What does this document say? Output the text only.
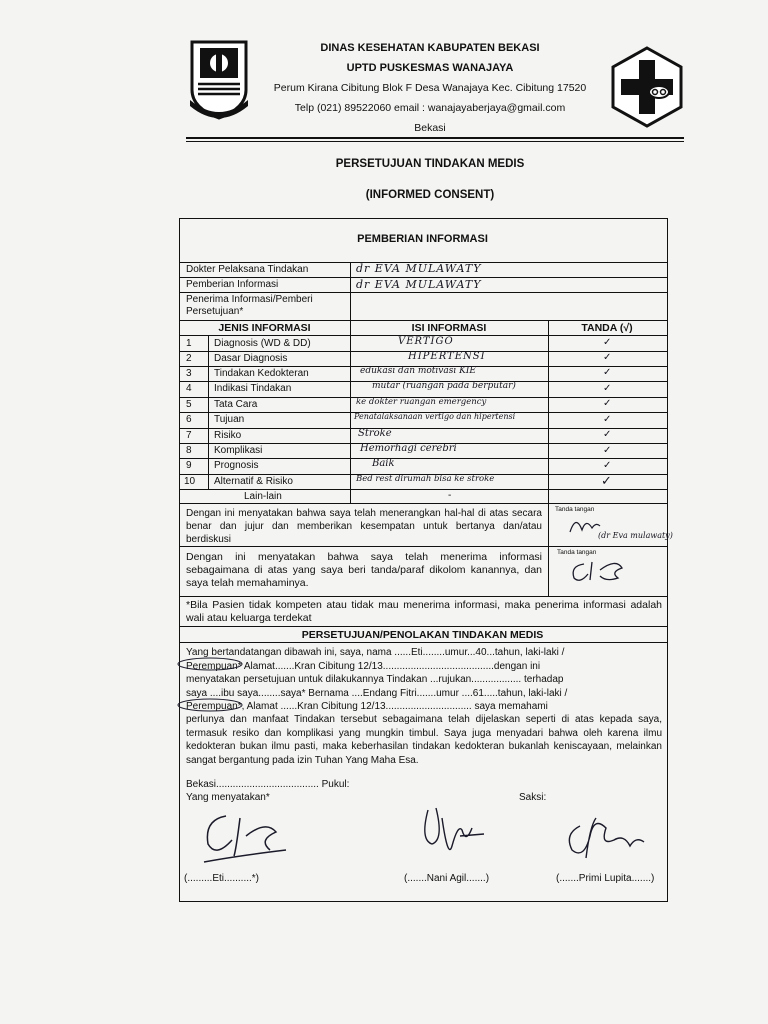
DINAS KESEHATAN KABUPATEN BEKASI
UPTD PUSKESMAS WANAJAYA
Perum Kirana Cibitung Blok F Desa Wanajaya Kec. Cibitung 17520
Telp (021) 89522060 email : wanajayaberjaya@gmail.com
Bekasi
PERSETUJUAN TINDAKAN MEDIS
(INFORMED CONSENT)
PEMBERIAN INFORMASI
Dokter Pelaksana Tindakan	dr EVA MULAWATY
Pemberian Informasi	dr EVA MULAWATY
Penerima Informasi/Pemberi
Persetujuan*
JENIS INFORMASI	ISI INFORMASI	TANDA (√)
1 Diagnosis (WD & DD)	VERTIGO	✓
2 Dasar Diagnosis	HIPERTENSI	✓
3 Tindakan Kedokteran	edukasi dan motivasi KIE	✓
4 Indikasi Tindakan	mutar (ruangan pada berputar)	✓
5 Tata Cara	ke dokter ruangan emergency	✓
6 Tujuan	Penatalaksanaan vertigo dan hipertensi	✓
7 Risiko	Stroke	✓
8 Komplikasi	Hemorhagi cerebri	✓
9 Prognosis	Baik	✓
10 Alternatif & Risiko	Bed rest dirumah bisa ke stroke	✓
Lain-lain	-
Dengan ini menyatakan bahwa saya telah menerangkan hal-hal di atas secara benar dan jujur dan memberikan kesempatan untuk bertanya dan/atau berdiskusi
Tanda tangan
(dr Eva mulawaty)
Dengan ini menyatakan bahwa saya telah menerima informasi sebagaimana di atas yang saya beri tanda/paraf dikolom kanannya, dan saya telah memahaminya.
Tanda tangan
*Bila Pasien tidak kompeten atau tidak mau menerima informasi, maka penerima informasi adalah wali atau keluarga terdekat
PERSETUJUAN/PENOLAKAN TINDAKAN MEDIS
Yang bertandatangan dibawah ini, saya, nama ......Eti........umur...40...tahun, laki-laki /
Perempuan* Alamat.......Kran Cibitung 12/13........................................dengan ini
menyatakan persetujuan untuk dilakukannya Tindakan ...rujukan.................. terhadap
saya ....ibu saya........saya* Bernama ....Endang Fitri.......umur ....61.....tahun, laki-laki /
Perempuan*, Alamat ......Kran Cibitung 12/13............................... saya memahami
perlunya dan manfaat Tindakan tersebut sebagaimana telah dijelaskan seperti di atas kepada saya, termasuk resiko dan komplikasi yang mungkin timbul. Saya juga menyadari bahwa oleh karena ilmu kedokteran bukan ilmu pasti, maka keberhasilan tindakan kedokteran bukanlah keniscayaan, melainkan sangat bergantung pada izin Tuhan Yang Maha Esa.
Bekasi..................................... Pukul:
Yang menyatakan*	Saksi:
(.........Eti..........*)	(.......Nani Agil.......)	(.......Primi Lupita.......)
